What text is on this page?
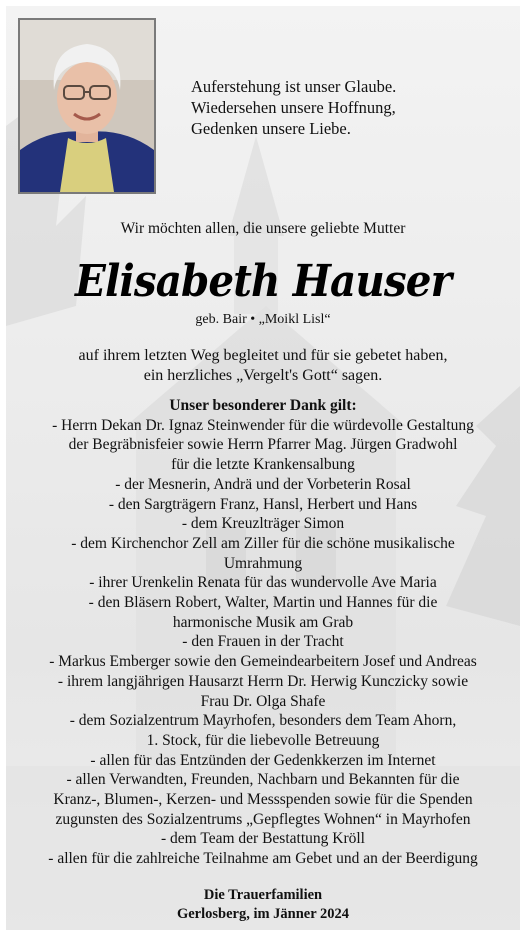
Auferstehung ist unser Glaube.
Wiedersehen unsere Hoffnung,
Gedenken unsere Liebe.
Wir möchten allen, die unsere geliebte Mutter
Elisabeth Hauser
geb. Bair • „Moikl Lisl“
auf ihrem letzten Weg begleitet und für sie gebetet haben,
ein herzliches „Vergelt's Gott“ sagen.
Unser besonderer Dank gilt:
- Herrn Dekan Dr. Ignaz Steinwender für die würdevolle Gestaltung
der Begräbnisfeier sowie Herrn Pfarrer Mag. Jürgen Gradwohl
für die letzte Krankensalbung
- der Mesnerin, Andrä und der Vorbeterin Rosal
- den Sargträgern Franz, Hansl, Herbert und Hans
- dem Kreuzlträger Simon
- dem Kirchenchor Zell am Ziller für die schöne musikalische
Umrahmung
- ihrer Urenkelin Renata für das wundervolle Ave Maria
- den Bläsern Robert, Walter, Martin und Hannes für die
harmonische Musik am Grab
- den Frauen in der Tracht
- Markus Emberger sowie den Gemeindearbeitern Josef und Andreas
- ihrem langjährigen Hausarzt Herrn Dr. Herwig Kunczicky sowie
Frau Dr. Olga Shafe
- dem Sozialzentrum Mayrhofen, besonders dem Team Ahorn,
1. Stock, für die liebevolle Betreuung
- allen für das Entzünden der Gedenkkerzen im Internet
- allen Verwandten, Freunden, Nachbarn und Bekannten für die
Kranz-, Blumen-, Kerzen- und Messspenden sowie für die Spenden
zugunsten des Sozialzentrums „Gepflegtes Wohnen“ in Mayrhofen
- dem Team der Bestattung Kröll
- allen für die zahlreiche Teilnahme am Gebet und an der Beerdigung
Die Trauerfamilien
Gerlosberg, im Jänner 2024
